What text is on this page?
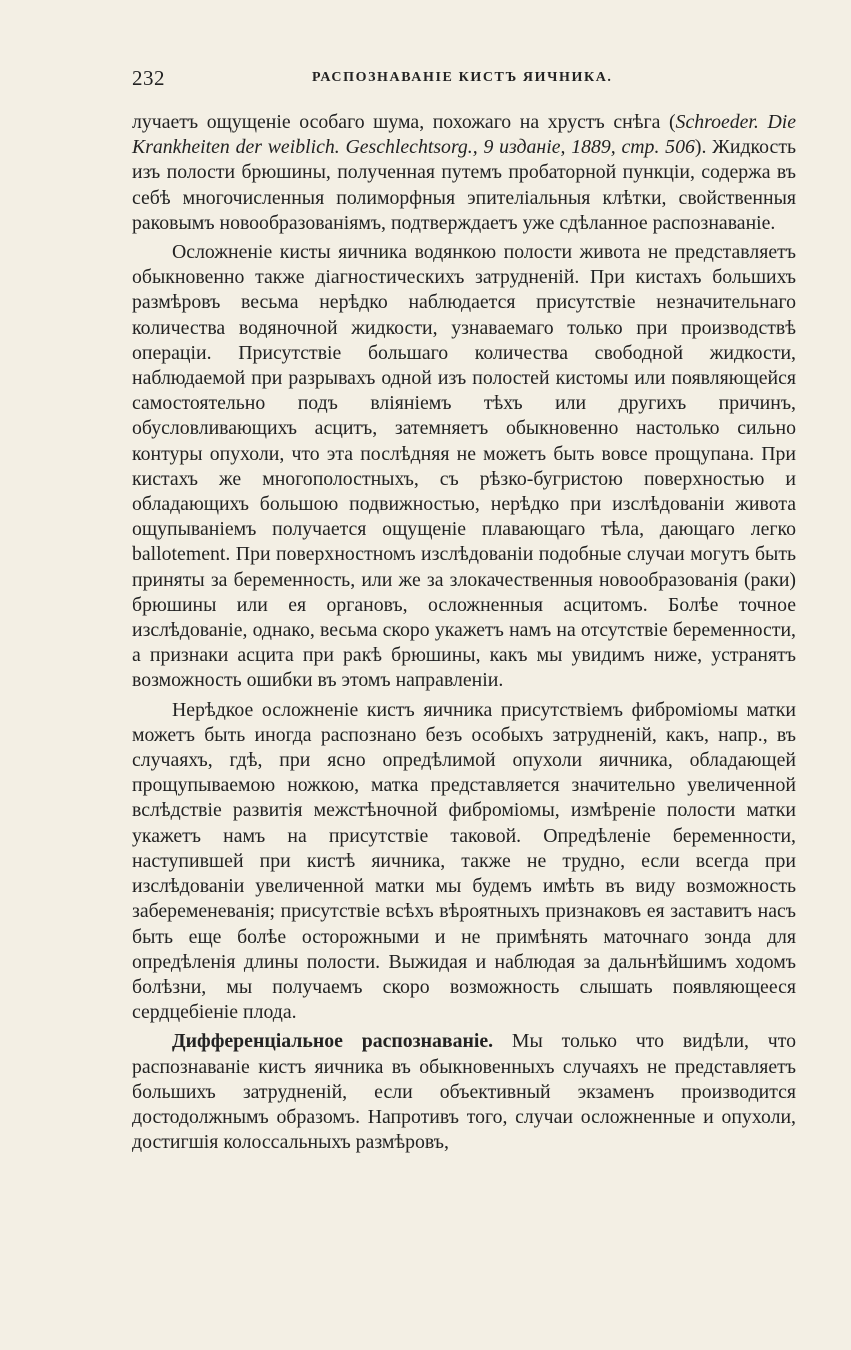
232	РАСПОЗНАВАНІЕ КИСТЪ ЯИЧНИКА.

лучаетъ ощущеніе особаго шума, похожаго на хрустъ снѣга (Schroeder. Die Krankheiten der weiblich. Geschlechtsorg., 9 изданіе, 1889, стр. 506). Жидкость изъ полости брюшины, полученная путемъ пробаторной пункціи, содержа въ себѣ многочисленныя полиморфныя эпителіальныя клѣтки, свойственныя раковымъ новообразованіямъ, подтверждаетъ уже сдѣланное распознаваніе.

Осложненіе кисты яичника водянкою полости живота не представляетъ обыкновенно также діагностическихъ затрудненій. При кистахъ большихъ размѣровъ весьма нерѣдко наблюдается присутствіе незначительнаго количества водяночной жидкости, узнаваемаго только при производствѣ операціи. Присутствіе большаго количества свободной жидкости, наблюдаемой при разрывахъ одной изъ полостей кистомы или появляющейся самостоятельно подъ вліяніемъ тѣхъ или другихъ причинъ, обусловливающихъ асцитъ, затемняетъ обыкновенно настолько сильно контуры опухоли, что эта послѣдняя не можетъ быть вовсе прощупана. При кистахъ же многополостныхъ, съ рѣзко-бугристою поверхностью и обладающихъ большою подвижностью, нерѣдко при изслѣдованіи живота ощупываніемъ получается ощущеніе плавающаго тѣла, дающаго легко ballotement. При поверхностномъ изслѣдованіи подобные случаи могутъ быть приняты за беременность, или же за злокачественныя новообразованія (раки) брюшины или ея органовъ, осложненныя асцитомъ. Болѣе точное изслѣдованіе, однако, весьма скоро укажетъ намъ на отсутствіе беременности, а признаки асцита при ракѣ брюшины, какъ мы увидимъ ниже, устранятъ возможность ошибки въ этомъ направленіи.

Нерѣдкое осложненіе кистъ яичника присутствіемъ фиброміомы матки можетъ быть иногда распознано безъ особыхъ затрудненій, какъ, напр., въ случаяхъ, гдѣ, при ясно опредѣлимой опухоли яичника, обладающей прощупываемою ножкою, матка представляется значительно увеличенной вслѣдствіе развитія межстѣночной фиброміомы, измѣреніе полости матки укажетъ намъ на присутствіе таковой. Опредѣленіе беременности, наступившей при кистѣ яичника, также не трудно, если всегда при изслѣдованіи увеличенной матки мы будемъ имѣть въ виду возможность забеременеванія; присутствіе всѣхъ вѣроятныхъ признаковъ ея заставитъ насъ быть еще болѣе осторожными и не примѣнять маточнаго зонда для опредѣленія длины полости. Выжидая и наблюдая за дальнѣйшимъ ходомъ болѣзни, мы получаемъ скоро возможность слышать появляющееся сердцебіеніе плода.

Дифференціальное распознаваніе. Мы только что видѣли, что распознаваніе кистъ яичника въ обыкновенныхъ случаяхъ не представляетъ большихъ затрудненій, если объективный экзаменъ производится достодолжнымъ образомъ. Напротивъ того, случаи осложненные и опухоли, достигшія колоссальныхъ размѣровъ,
